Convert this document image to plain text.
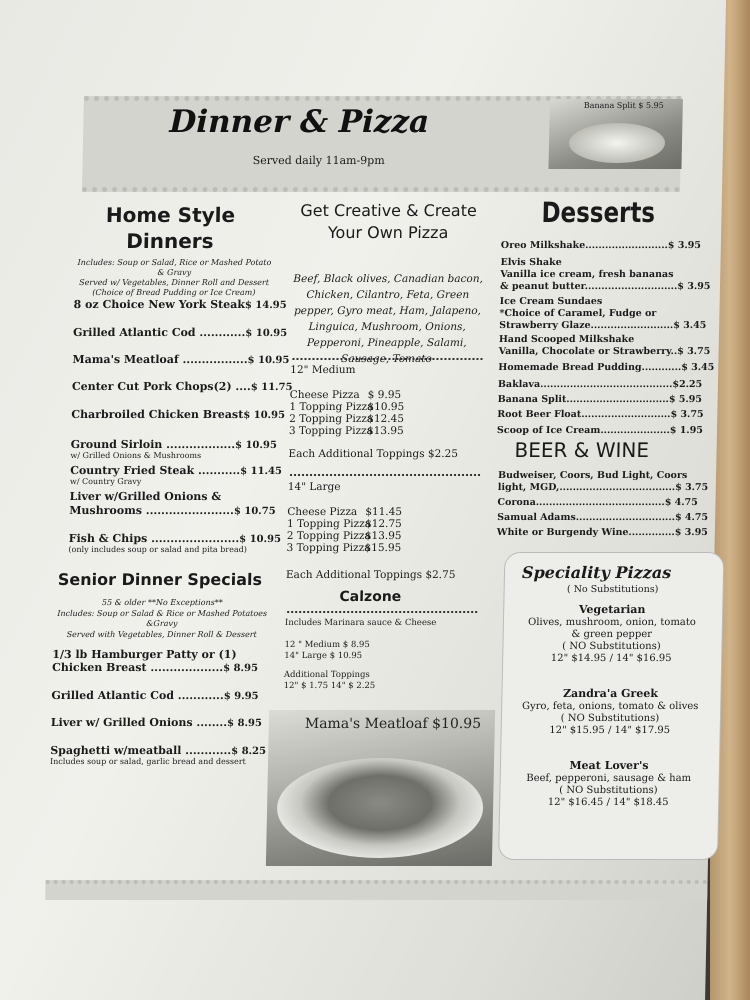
Dinner & Pizza
Served daily 11am-9pm
Banana Split $ 5.95
Home Style
Dinners
Includes: Soup or Salad, Rice or Mashed Potato & Gravy
Served w/ Vegetables, Dinner Roll and Dessert (Choice of Bread Pudding or Ice Cream)
8 oz Choice New York Steak$ 14.95
Grilled Atlantic Cod ............$ 10.95
Mama's Meatloaf .................$ 10.95
Center Cut Pork Chops(2) ....$ 11.75
Charbroiled Chicken Breast$ 10.95
Ground Sirloin ..................$ 10.95
w/ Grilled Onions & Mushrooms
Country Fried Steak ...........$ 11.45
w/ Country Gravy
Liver w/Grilled Onions &
Mushrooms .......................$ 10.75
Fish & Chips .......................$ 10.95
(only includes soup or salad and pita bread)
Senior Dinner Specials
55 & older **No Exceptions**
Includes: Soup or Salad & Rice or Mashed Potatoes &Gravy
Served with Vegetables, Dinner Roll & Dessert
1/3 lb Hamburger Patty or (1)
Chicken Breast ...................$ 8.95
Grilled Atlantic Cod ............$ 9.95
Liver w/ Grilled Onions ........$ 8.95
Spaghetti w/meatball ............$ 8.25
Includes soup or salad, garlic bread and dessert
Get Creative & Create Your Own Pizza
Beef, Black olives, Canadian bacon, Chicken, Cilantro, Feta, Green pepper, Gyro meat, Ham, Jalapeno, Linguica, Mushroom, Onions, Pepperoni, Pineapple, Salami, Sausage, Tomato
12" Medium
Cheese Pizza $ 9.95
1 Topping Pizza
$10.95
2 Topping Pizza
$12.45
3 Topping Pizza
$13.95
Each Additional Toppings $2.25
14" Large
Cheese Pizza $11.45
1 Topping Pizza
$12.75
2 Topping Pizza
$13.95
3 Topping Pizza
$15.95
Each Additional Toppings $2.75
Calzone
Includes Marinara sauce & Cheese
12 " Medium $ 8.95
14" Large $ 10.95
Additional Toppings
12" $ 1.75 14" $ 2.25
Mama's Meatloaf $10.95
Desserts
Oreo Milkshake.........................$ 3.95
Elvis Shake
Vanilla ice cream, fresh bananas
& peanut butter............................$ 3.95
Ice Cream Sundaes
*Choice of Caramel, Fudge or
Strawberry Glaze.........................$ 3.45
Hand Scooped Milkshake
Vanilla, Chocolate or Strawberry..$ 3.75
Homemade Bread Pudding............$ 3.45
Baklava........................................$2.25
Banana Split...............................$ 5.95
Root Beer Float...........................$ 3.75
Scoop of Ice Cream.....................$ 1.95
BEER & WINE
Budweiser, Coors, Bud Light, Coors
light, MGD,...................................$ 3.75
Corona.......................................$ 4.75
Samual Adams..............................$ 4.75
White or Burgendy Wine..............$ 3.95
Speciality Pizzas
( No Substitutions)
Vegetarian
Olives, mushroom, onion, tomato
& green pepper
( NO Substitutions)
12" $14.95 / 14" $16.95
Zandra'a Greek
Gyro, feta, onions, tomato & olives
( NO Substitutions)
12" $15.95 / 14" $17.95
Meat Lover's
Beef, pepperoni, sausage & ham
( NO Substitutions)
12" $16.45 / 14" $18.45
